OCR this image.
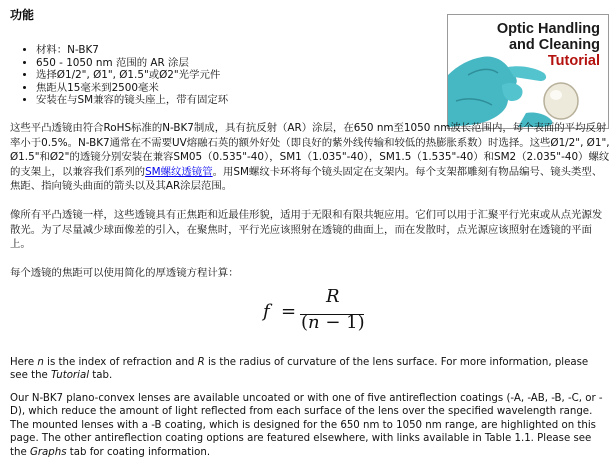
功能
• 材料：N-BK7
• 650 - 1050 nm 范围的 AR 涂层
• 选择Ø1/2", Ø1", Ø1.5"或Ø2"光学元件
• 焦距从15毫米到2500毫米
• 安装在与SM兼容的镜头座上，带有固定环
Optic Handling
and Cleaning
Tutorial

这些平凸透镜由符合RoHS标准的N-BK7制成，具有抗反射（AR）涂层，在650 nm至1050 nm波长范围内，每个表面的平均反射率小于0.5%。N-BK7通常在不需要UV熔融石英的额外好处（即良好的紫外线传输和较低的热膨胀系数）时选择。这些Ø1/2", Ø1", Ø1.5"和Ø2"的透镜分别安装在兼容SM05（0.535"-40），SM1（1.035"-40），SM1.5（1.535"-40）和SM2（2.035"-40）螺纹的支架上，以兼容我们系列的SM螺纹透镜管。用SM螺纹卡环将每个镜头固定在支架内。每个支架都雕刻有物品编号、镜头类型、焦距、指向镜头曲面的箭头以及其AR涂层范围。

像所有平凸透镜一样，这些透镜具有正焦距和近最佳形貌，适用于无限和有限共轭应用。它们可以用于汇聚平行光束或从点光源发散光。为了尽量减少球面像差的引入，在聚焦时，平行光应该照射在透镜的曲面上，而在发散时，点光源应该照射在透镜的平面上。

每个透镜的焦距可以使用简化的厚透镜方程计算：

f =
R
(n − 1)

Here n is the index of refraction and R is the radius of curvature of the lens surface. For more information, please see the Tutorial tab.

Our N-BK7 plano-convex lenses are available uncoated or with one of five antireflection coatings (-A, -AB, -B, -C, or -D), which reduce the amount of light reflected from each surface of the lens over the specified wavelength range. The mounted lenses with a -B coating, which is designed for the 650 nm to 1050 nm range, are highlighted on this page. The other antireflection coating options are featured elsewhere, with links available in Table 1.1. Please see the Graphs tab for coating information.
